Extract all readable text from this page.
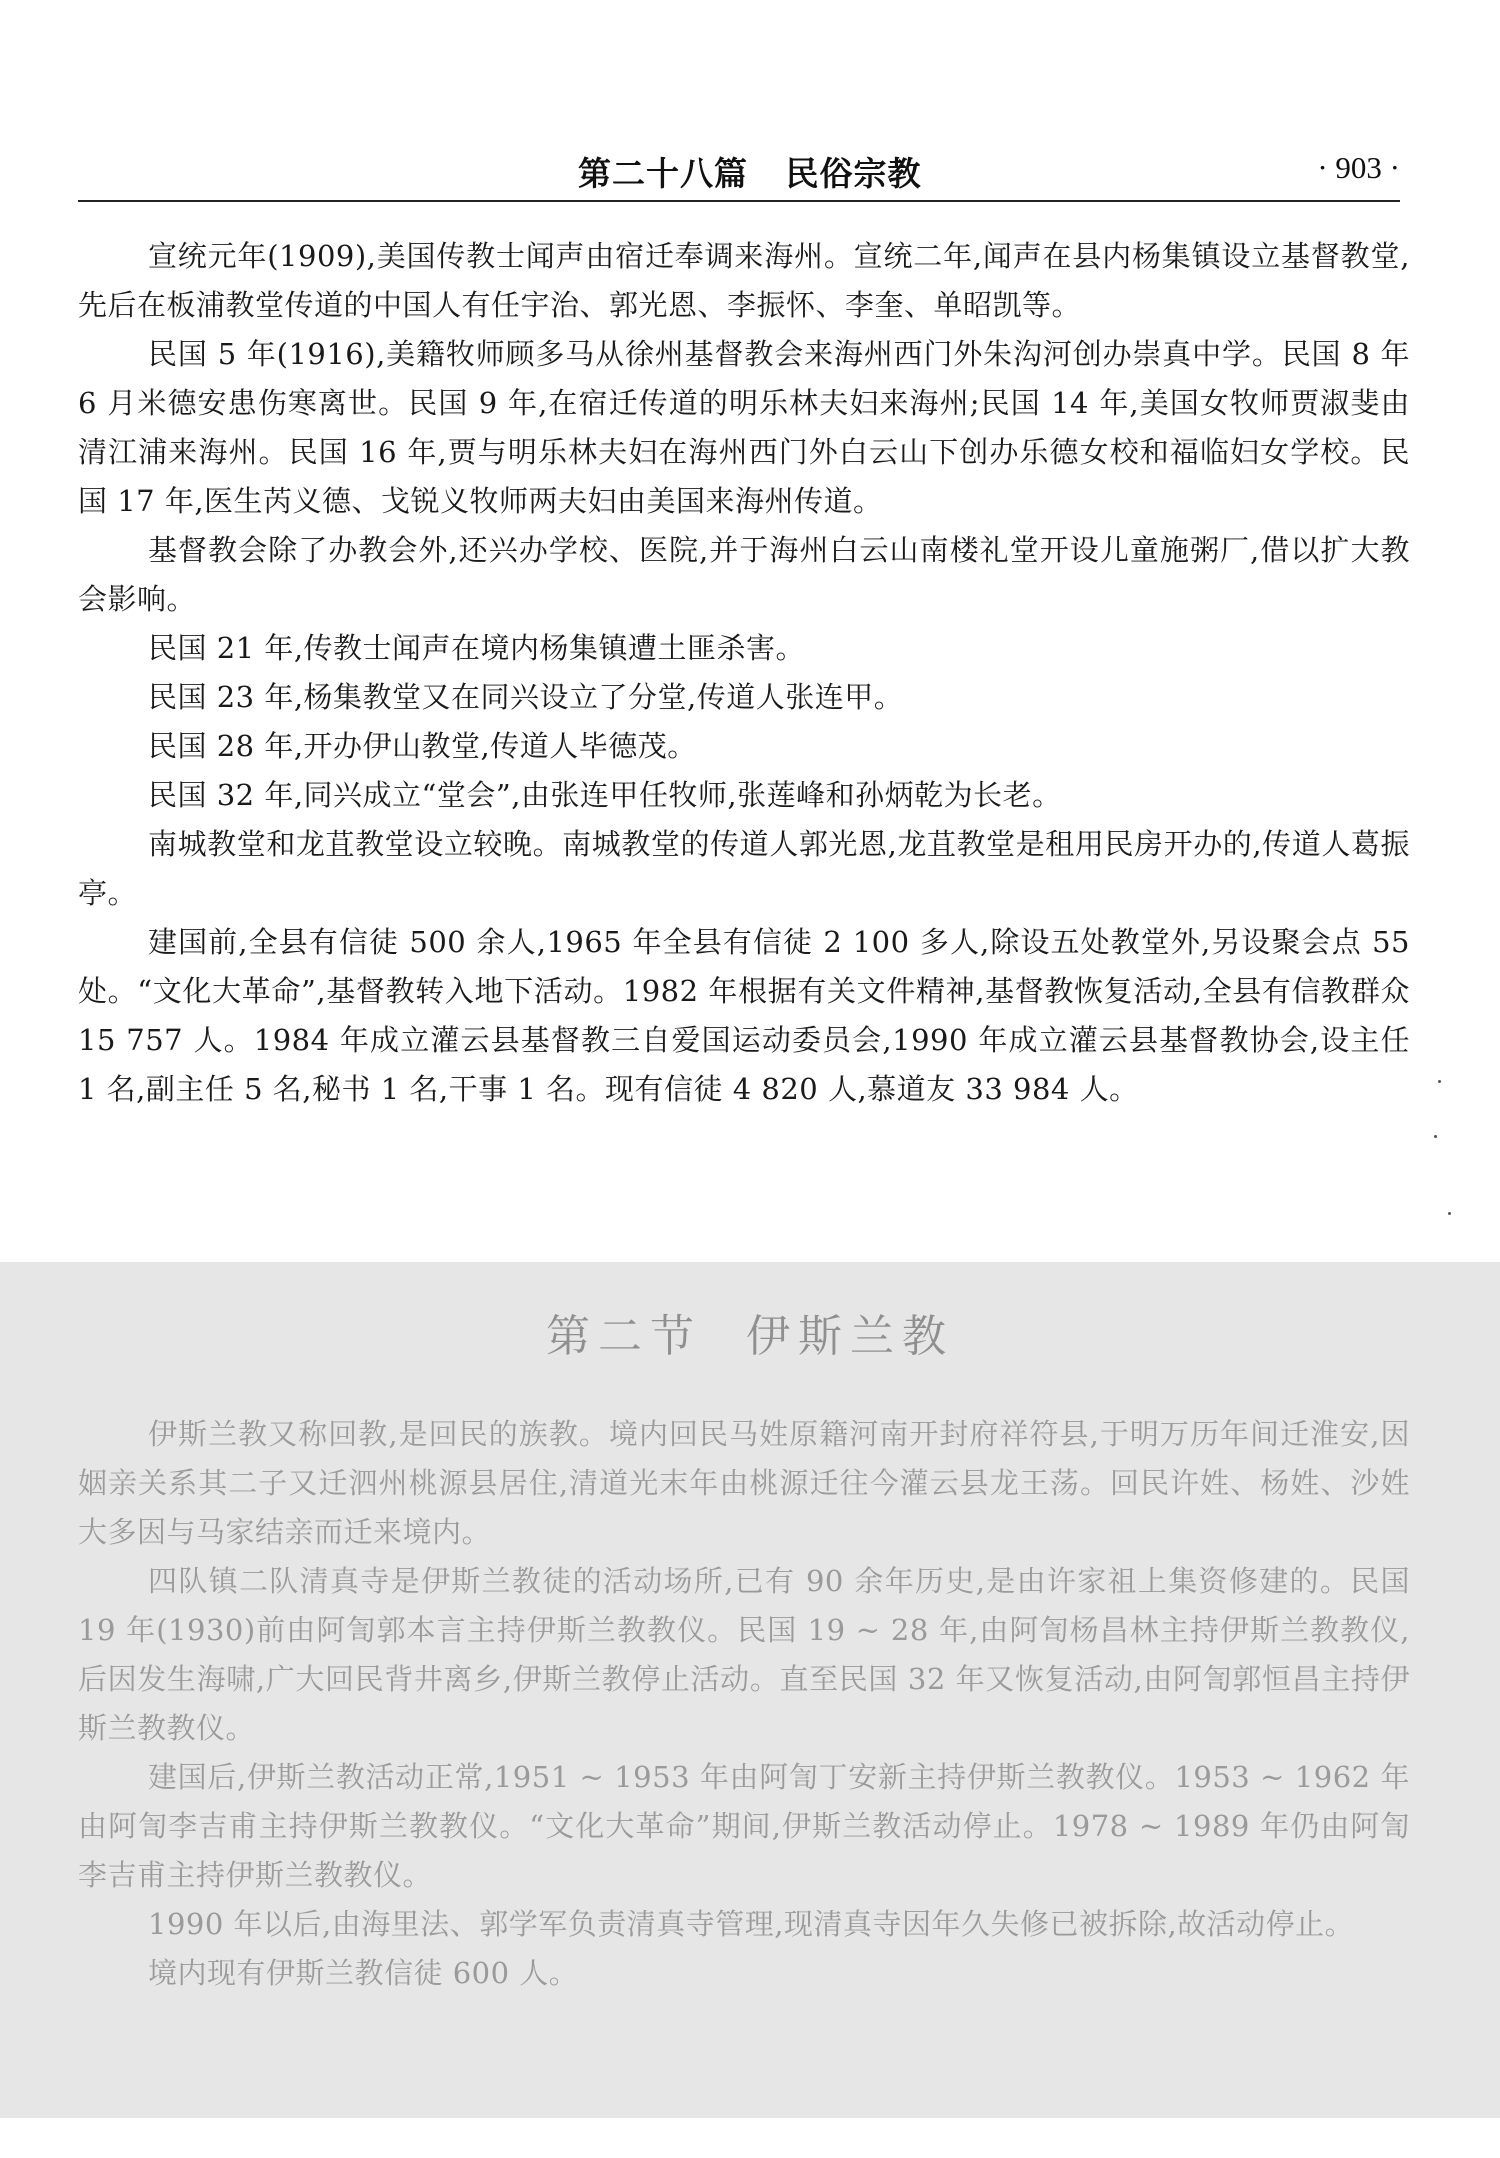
第二十八篇   民俗宗教	· 903 ·

宣统元年(1909),美国传教士闻声由宿迁奉调来海州。宣统二年,闻声在县内杨集镇设立基督教堂,先后在板浦教堂传道的中国人有任宇治、郭光恩、李振怀、李奎、单昭凯等。

民国 5 年(1916),美籍牧师顾多马从徐州基督教会来海州西门外朱沟河创办崇真中学。民国 8 年 6 月米德安患伤寒离世。民国 9 年,在宿迁传道的明乐林夫妇来海州;民国 14 年,美国女牧师贾淑斐由清江浦来海州。民国 16 年,贾与明乐林夫妇在海州西门外白云山下创办乐德女校和福临妇女学校。民国 17 年,医生芮义德、戈锐义牧师两夫妇由美国来海州传道。

基督教会除了办教会外,还兴办学校、医院,并于海州白云山南楼礼堂开设儿童施粥厂,借以扩大教会影响。

民国 21 年,传教士闻声在境内杨集镇遭土匪杀害。

民国 23 年,杨集教堂又在同兴设立了分堂,传道人张连甲。

民国 28 年,开办伊山教堂,传道人毕德茂。

民国 32 年,同兴成立“堂会”,由张连甲任牧师,张莲峰和孙炳乾为长老。

南城教堂和龙苴教堂设立较晚。南城教堂的传道人郭光恩,龙苴教堂是租用民房开办的,传道人葛振亭。

建国前,全县有信徒 500 余人,1965 年全县有信徒 2 100 多人,除设五处教堂外,另设聚会点 55 处。“文化大革命”,基督教转入地下活动。1982 年根据有关文件精神,基督教恢复活动,全县有信教群众 15 757 人。1984 年成立灌云县基督教三自爱国运动委员会,1990 年成立灌云县基督教协会,设主任 1 名,副主任 5 名,秘书 1 名,干事 1 名。现有信徒 4 820 人,慕道友 33 984 人。

第二节  伊斯兰教

伊斯兰教又称回教,是回民的族教。境内回民马姓原籍河南开封府祥符县,于明万历年间迁淮安,因姻亲关系其二子又迁泗州桃源县居住,清道光末年由桃源迁往今灌云县龙王荡。回民许姓、杨姓、沙姓大多因与马家结亲而迁来境内。

四队镇二队清真寺是伊斯兰教徒的活动场所,已有 90 余年历史,是由许家祖上集资修建的。民国 19 年(1930)前由阿訇郭本言主持伊斯兰教教仪。民国 19 ~ 28 年,由阿訇杨昌林主持伊斯兰教教仪,后因发生海啸,广大回民背井离乡,伊斯兰教停止活动。直至民国 32 年又恢复活动,由阿訇郭恒昌主持伊斯兰教教仪。

建国后,伊斯兰教活动正常,1951 ~ 1953 年由阿訇丁安新主持伊斯兰教教仪。1953 ~ 1962 年由阿訇李吉甫主持伊斯兰教教仪。“文化大革命”期间,伊斯兰教活动停止。1978 ~ 1989 年仍由阿訇李吉甫主持伊斯兰教教仪。

1990 年以后,由海里法、郭学军负责清真寺管理,现清真寺因年久失修已被拆除,故活动停止。

境内现有伊斯兰教信徒 600 人。
